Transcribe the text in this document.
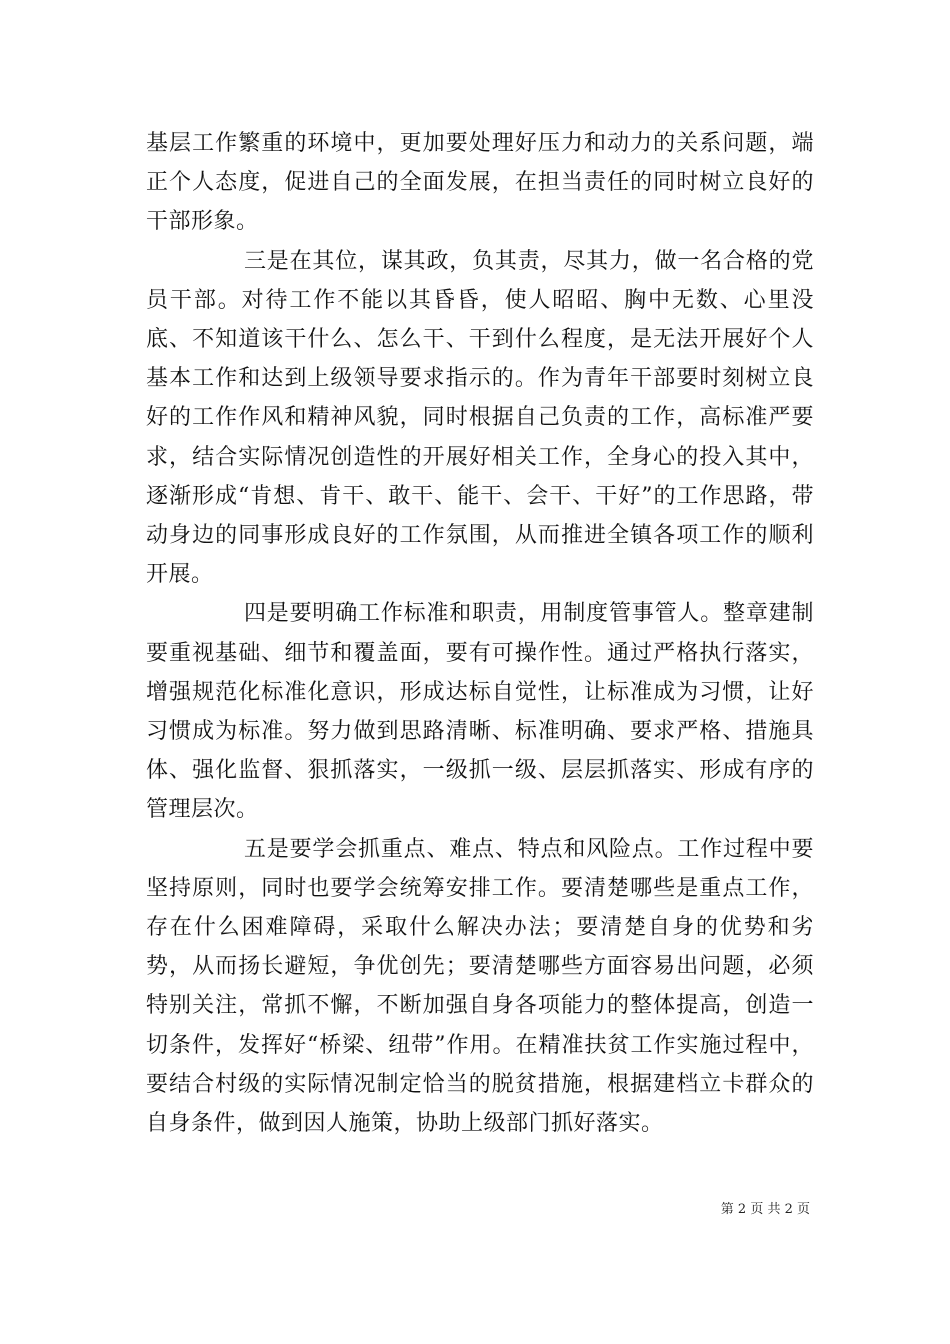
基层工作繁重的环境中，更加要处理好压力和动力的关系问题，端正个人态度，促进自己的全面发展，在担当责任的同时树立良好的干部形象。

三是在其位，谋其政，负其责，尽其力，做一名合格的党员干部。对待工作不能以其昏昏，使人昭昭、胸中无数、心里没底、不知道该干什么、怎么干、干到什么程度，是无法开展好个人基本工作和达到上级领导要求指示的。作为青年干部要时刻树立良好的工作作风和精神风貌，同时根据自己负责的工作，高标准严要求，结合实际情况创造性的开展好相关工作，全身心的投入其中，逐渐形成“肯想、肯干、敢干、能干、会干、干好”的工作思路，带动身边的同事形成良好的工作氛围，从而推进全镇各项工作的顺利开展。

四是要明确工作标准和职责，用制度管事管人。整章建制要重视基础、细节和覆盖面，要有可操作性。通过严格执行落实，增强规范化标准化意识，形成达标自觉性，让标准成为习惯，让好习惯成为标准。努力做到思路清晰、标准明确、要求严格、措施具体、强化监督、狠抓落实，一级抓一级、层层抓落实、形成有序的管理层次。

五是要学会抓重点、难点、特点和风险点。工作过程中要坚持原则，同时也要学会统筹安排工作。要清楚哪些是重点工作，存在什么困难障碍，采取什么解决办法；要清楚自身的优势和劣势，从而扬长避短，争优创先；要清楚哪些方面容易出问题，必须特别关注，常抓不懈，不断加强自身各项能力的整体提高，创造一切条件，发挥好“桥梁、纽带”作用。在精准扶贫工作实施过程中，要结合村级的实际情况制定恰当的脱贫措施，根据建档立卡群众的自身条件，做到因人施策，协助上级部门抓好落实。

第 2 页 共 2 页
